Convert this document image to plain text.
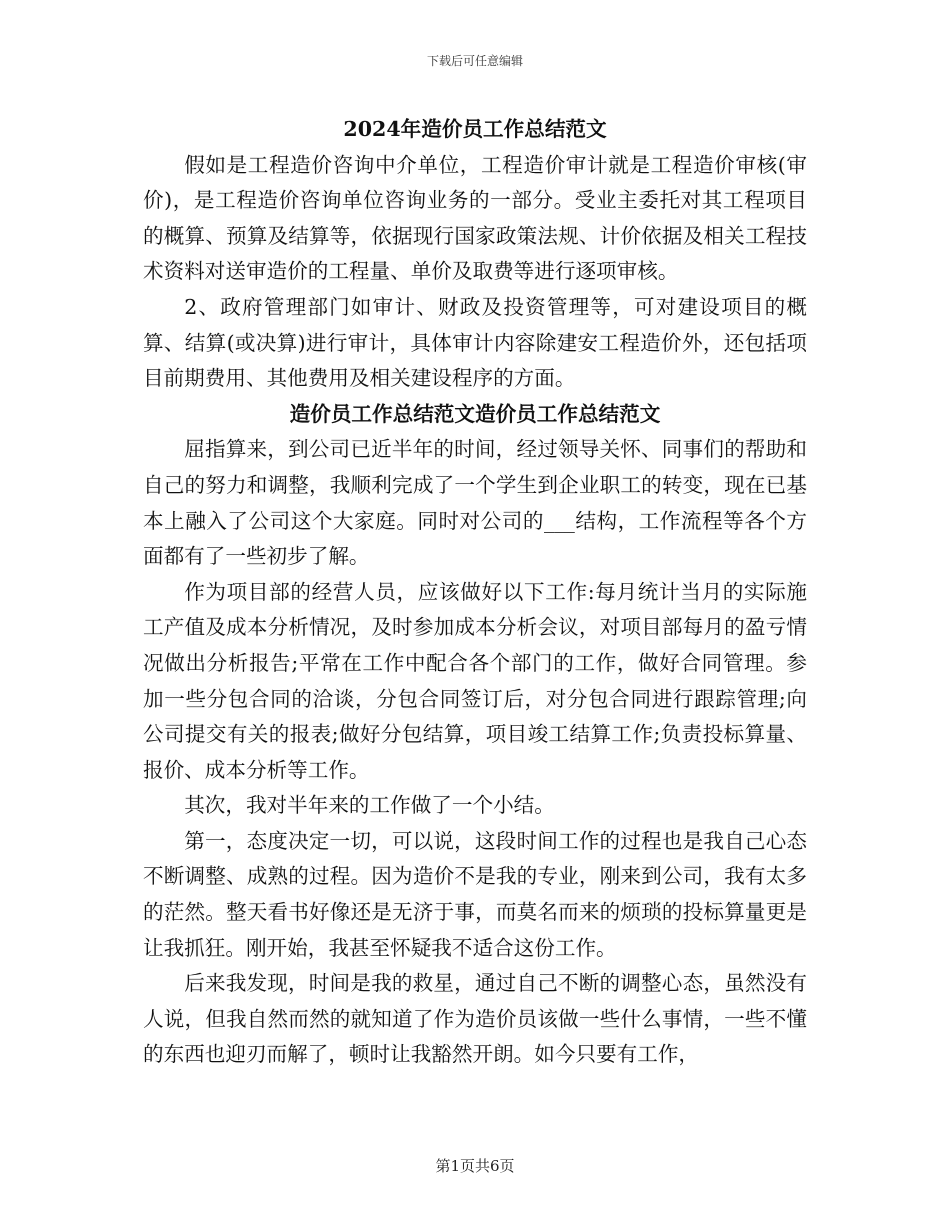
下载后可任意编辑

2024年造价员工作总结范文

假如是工程造价咨询中介单位，工程造价审计就是工程造价审核(审价)，是工程造价咨询单位咨询业务的一部分。受业主委托对其工程项目的概算、预算及结算等，依据现行国家政策法规、计价依据及相关工程技术资料对送审造价的工程量、单价及取费等进行逐项审核。

2、政府管理部门如审计、财政及投资管理等，可对建设项目的概算、结算(或决算)进行审计，具体审计内容除建安工程造价外，还包括项目前期费用、其他费用及相关建设程序的方面。

造价员工作总结范文造价员工作总结范文

屈指算来，到公司已近半年的时间，经过领导关怀、同事们的帮助和自己的努力和调整，我顺利完成了一个学生到企业职工的转变，现在已基本上融入了公司这个大家庭。同时对公司的___结构，工作流程等各个方面都有了一些初步了解。

作为项目部的经营人员，应该做好以下工作:每月统计当月的实际施工产值及成本分析情况，及时参加成本分析会议，对项目部每月的盈亏情况做出分析报告;平常在工作中配合各个部门的工作，做好合同管理。参加一些分包合同的洽谈，分包合同签订后，对分包合同进行跟踪管理;向公司提交有关的报表;做好分包结算，项目竣工结算工作;负责投标算量、报价、成本分析等工作。

其次，我对半年来的工作做了一个小结。

第一，态度决定一切，可以说，这段时间工作的过程也是我自己心态不断调整、成熟的过程。因为造价不是我的专业，刚来到公司，我有太多的茫然。整天看书好像还是无济于事，而莫名而来的烦琐的投标算量更是让我抓狂。刚开始，我甚至怀疑我不适合这份工作。

后来我发现，时间是我的救星，通过自己不断的调整心态，虽然没有人说，但我自然而然的就知道了作为造价员该做一些什么事情，一些不懂的东西也迎刃而解了，顿时让我豁然开朗。如今只要有工作，

第1页共6页
